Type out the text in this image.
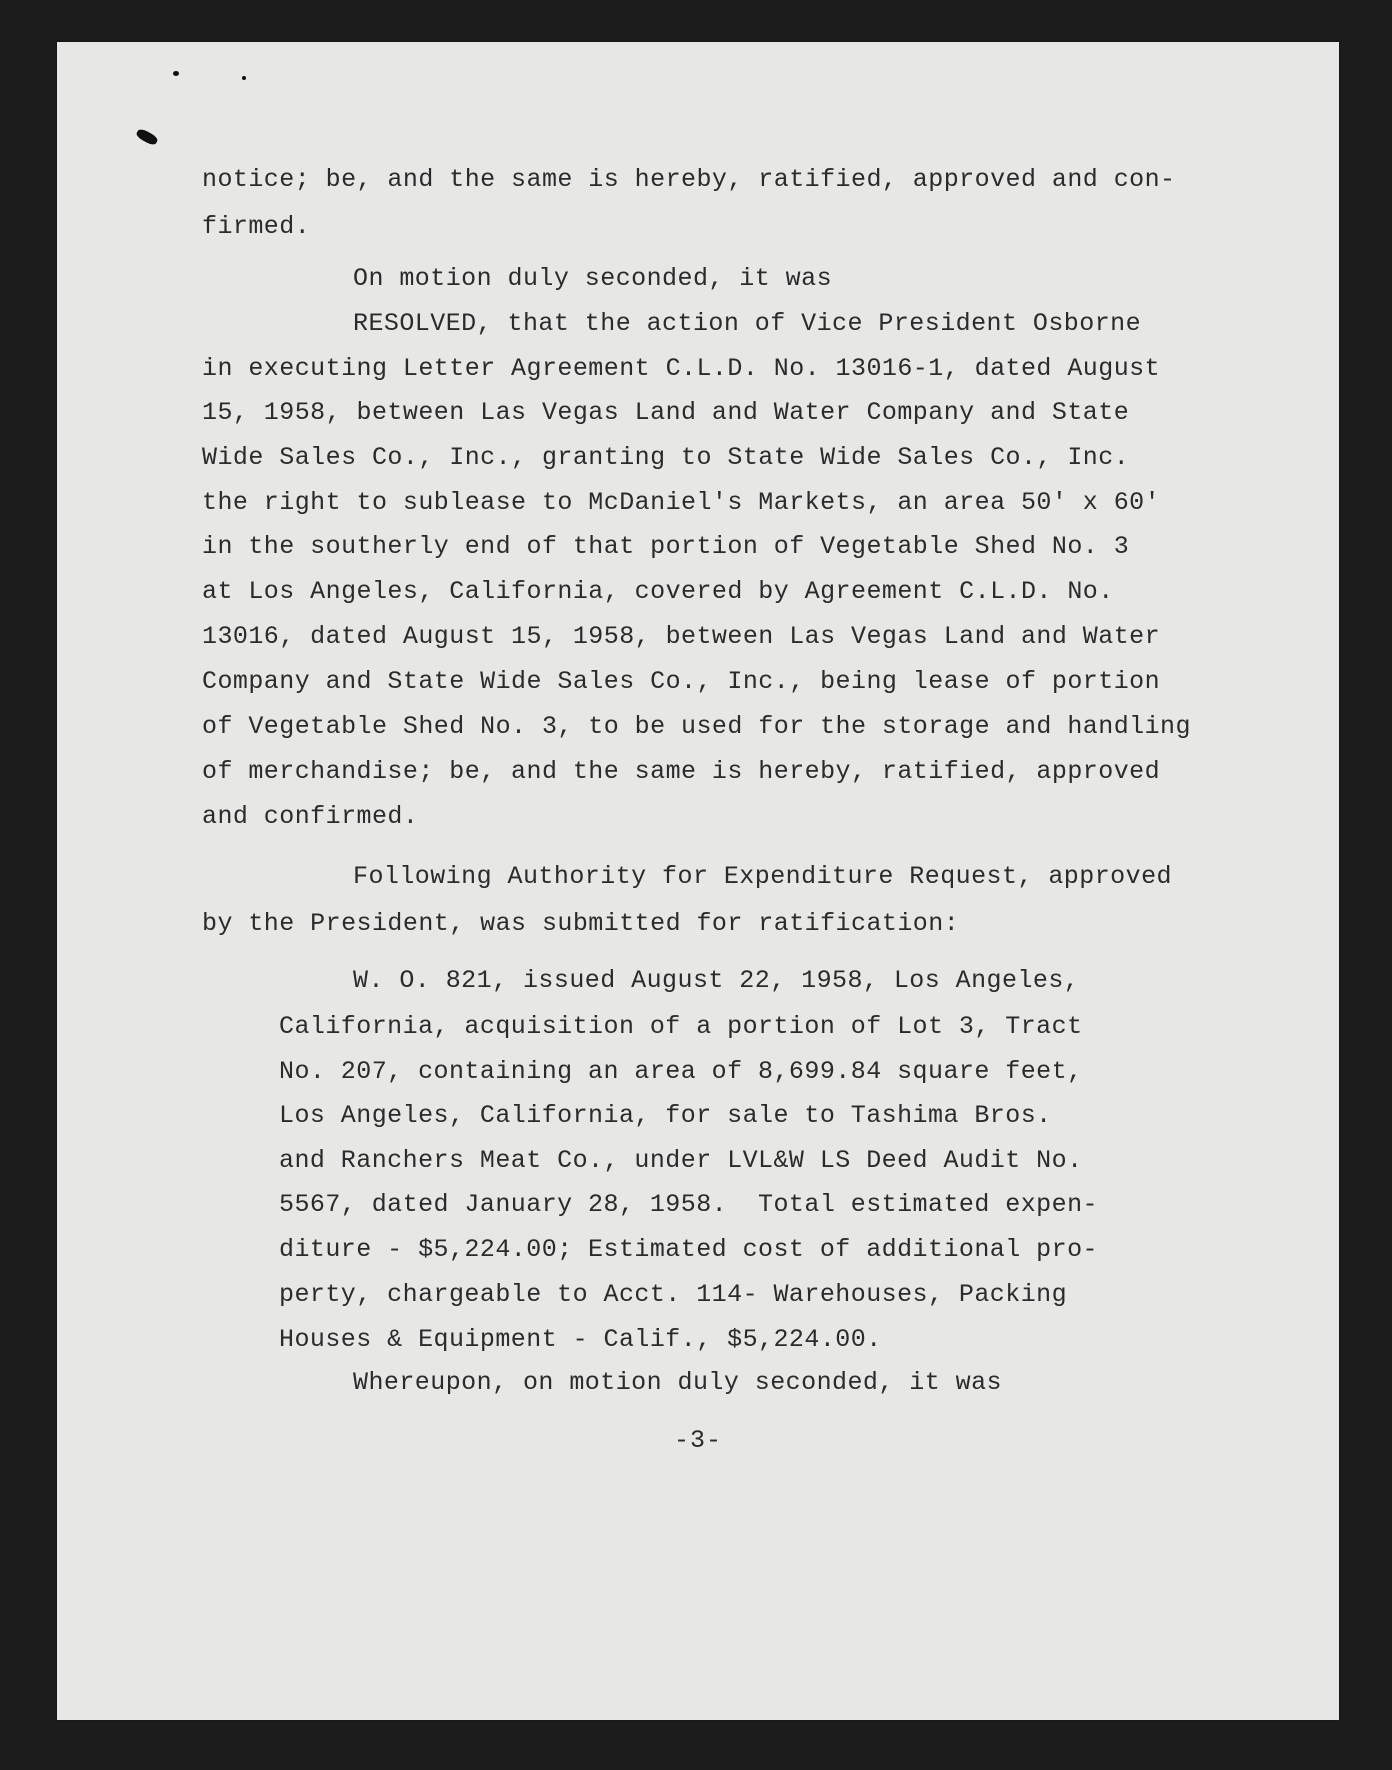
notice; be, and the same is hereby, ratified, approved and con-

firmed.

On motion duly seconded, it was

RESOLVED, that the action of Vice President Osborne

in executing Letter Agreement C.L.D. No. 13016-1, dated August

15, 1958, between Las Vegas Land and Water Company and State

Wide Sales Co., Inc., granting to State Wide Sales Co., Inc.

the right to sublease to McDaniel's Markets, an area 50' x 60'

in the southerly end of that portion of Vegetable Shed No. 3

at Los Angeles, California, covered by Agreement C.L.D. No.

13016, dated August 15, 1958, between Las Vegas Land and Water

Company and State Wide Sales Co., Inc., being lease of portion

of Vegetable Shed No. 3, to be used for the storage and handling

of merchandise; be, and the same is hereby, ratified, approved

and confirmed.

Following Authority for Expenditure Request, approved

by the President, was submitted for ratification:

W. O. 821, issued August 22, 1958, Los Angeles,

California, acquisition of a portion of Lot 3, Tract

No. 207, containing an area of 8,699.84 square feet,

Los Angeles, California, for sale to Tashima Bros.

and Ranchers Meat Co., under LVL&W LS Deed Audit No.

5567, dated January 28, 1958.  Total estimated expen-

diture - $5,224.00; Estimated cost of additional pro-

perty, chargeable to Acct. 114- Warehouses, Packing

Houses & Equipment - Calif., $5,224.00.

Whereupon, on motion duly seconded, it was

-3-
